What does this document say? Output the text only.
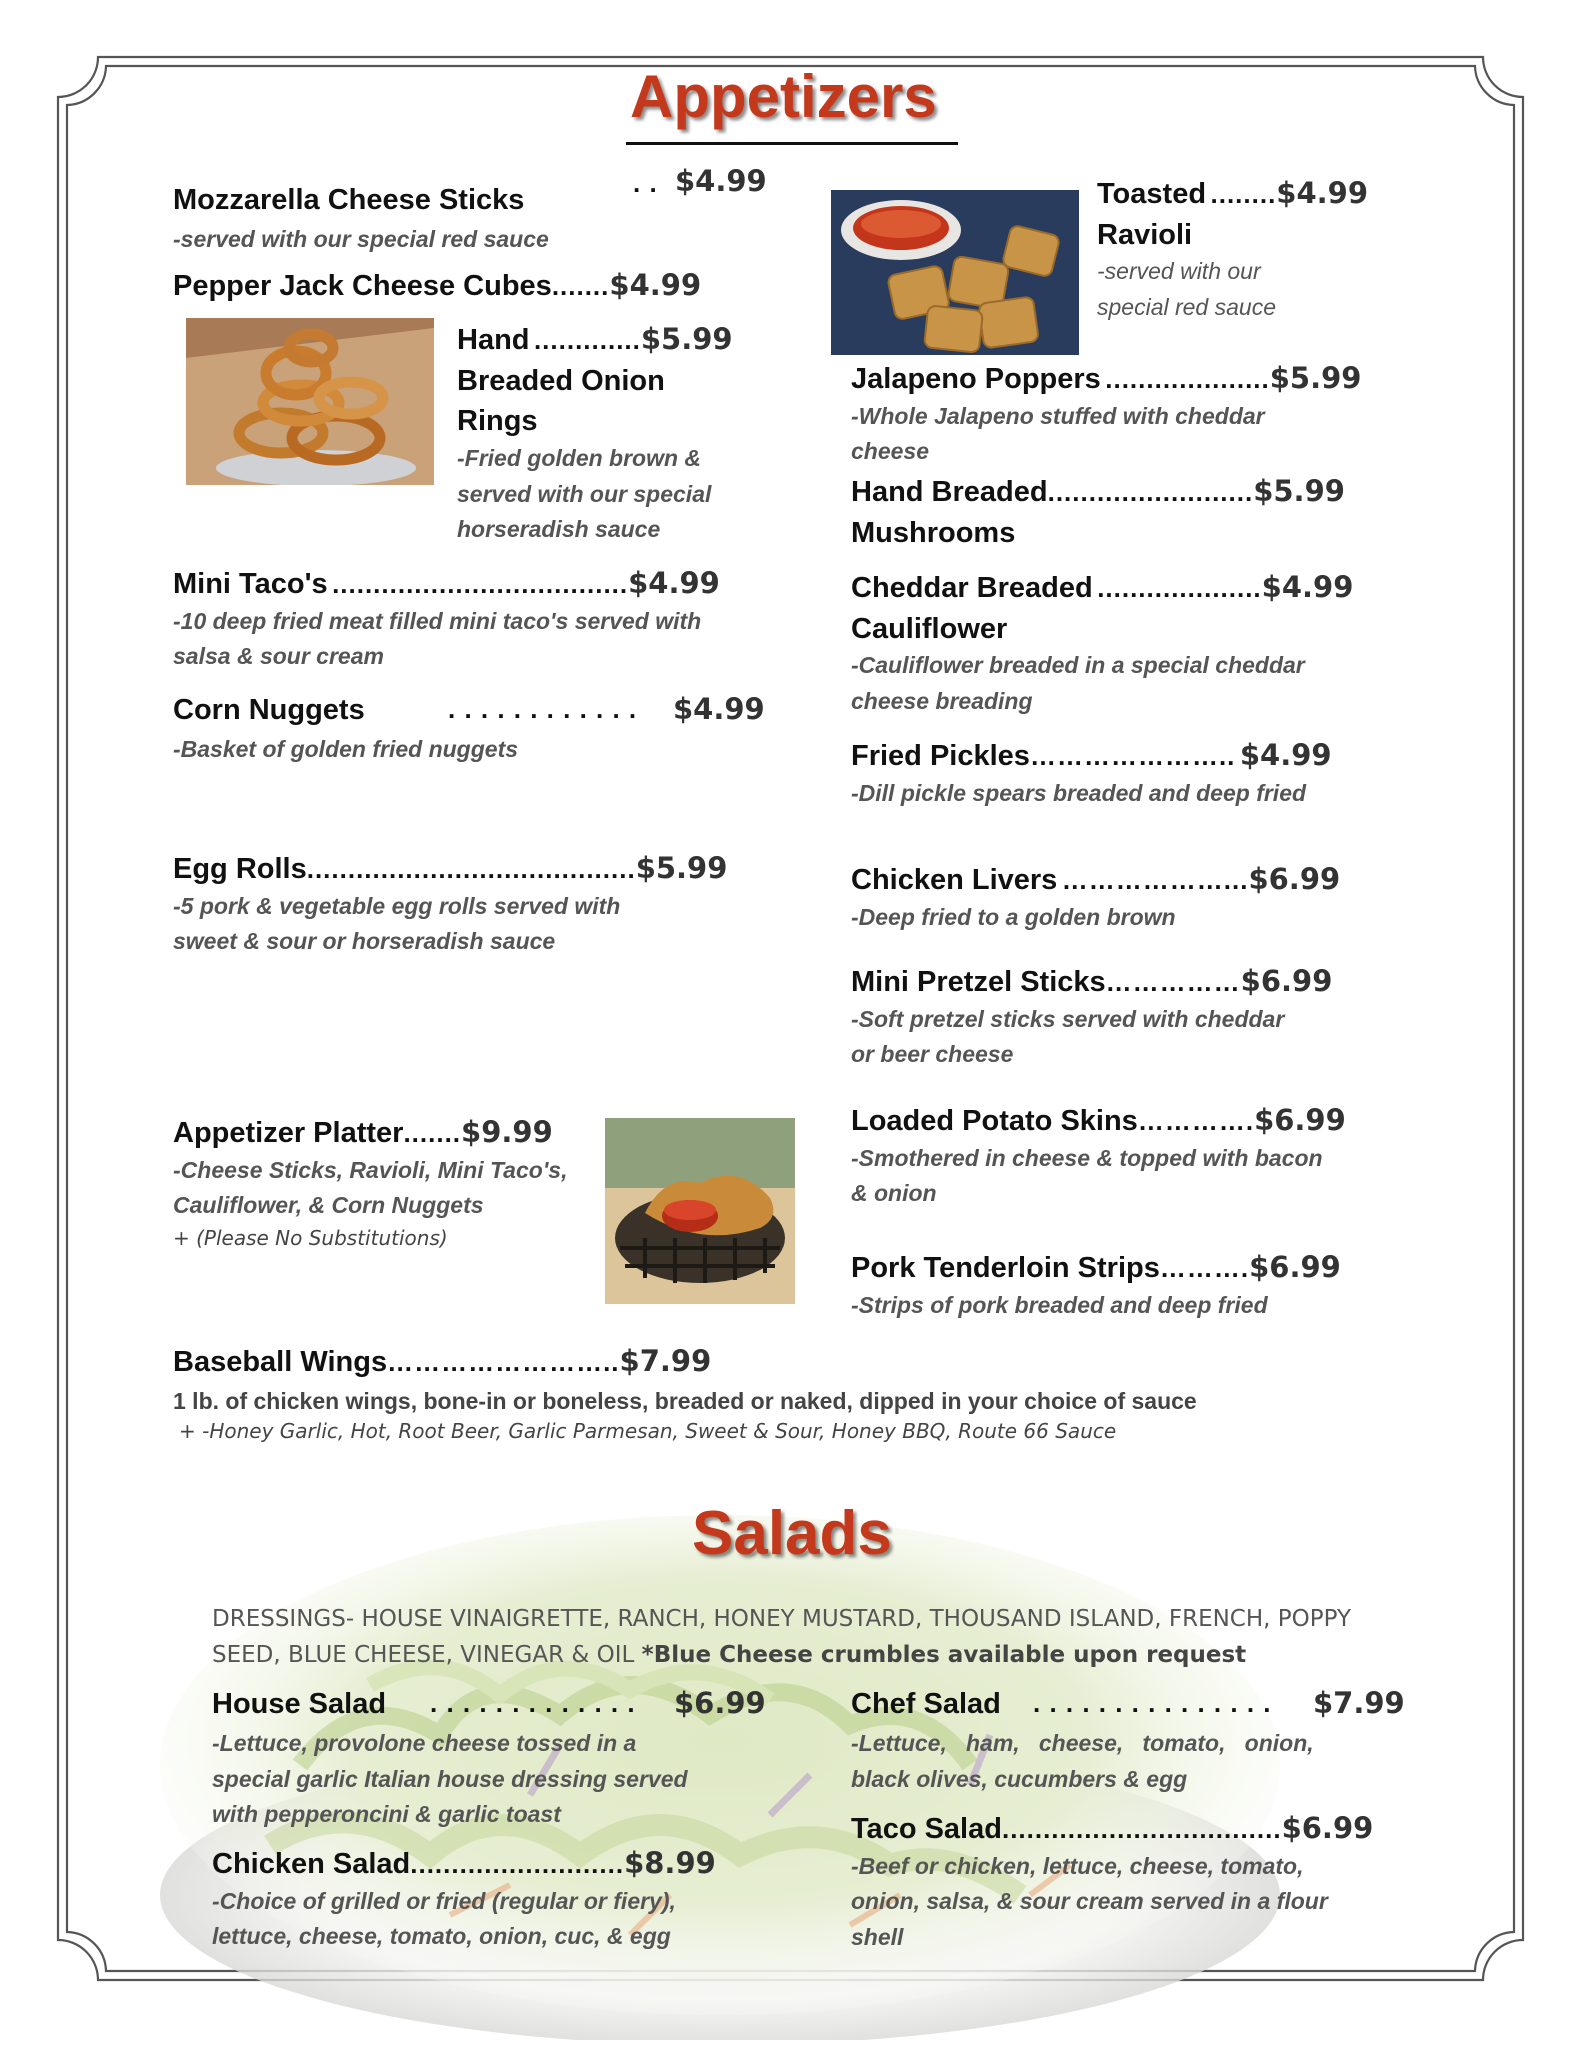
Appetizers
Mozzarella Cheese Sticks
. . $4.99
-served with our special red sauce
Pepper Jack Cheese Cubes.......$4.99
Hand .............$5.99
Breaded Onion
Rings
-Fried golden brown &
served with our special
horseradish sauce
Mini Taco's ....................................$4.99
-10 deep fried meat filled mini taco's served with
salsa & sour cream
Corn Nuggets	. . . . . . . . . . . . $4.99
-Basket of golden fried nuggets
Egg Rolls........................................$5.99
-5 pork & vegetable egg rolls served with
sweet & sour or horseradish sauce
Appetizer Platter.......$9.99
-Cheese Sticks, Ravioli, Mini Taco's,
Cauliflower, & Corn Nuggets
+ (Please No Substitutions)
Toasted ........$4.99
Ravioli
-served with our
special red sauce
Jalapeno Poppers ....................$5.99
-Whole Jalapeno stuffed with cheddar
cheese
Hand Breaded.........................$5.99
Mushrooms
Cheddar Breaded ....................$4.99
Cauliflower
-Cauliflower breaded in a special cheddar
cheese breading
Fried Pickles………………….. $4.99
-Dill pickle spears breaded and deep fried
Chicken Livers ………………...$6.99
-Deep fried to a golden brown
Mini Pretzel Sticks……………$6.99
-Soft pretzel sticks served with cheddar
or beer cheese
Loaded Potato Skins………….$6.99
-Smothered in cheese & topped with bacon
& onion
Pork Tenderloin Strips……….$6.99
-Strips of pork breaded and deep fried
Baseball Wings……………………..$7.99
1 lb. of chicken wings, bone-in or boneless, breaded or naked, dipped in your choice of sauce
+ -Honey Garlic, Hot, Root Beer, Garlic Parmesan, Sweet & Sour, Honey BBQ, Route 66 Sauce
Salads
DRESSINGS- HOUSE VINAIGRETTE, RANCH, HONEY MUSTARD, THOUSAND ISLAND, FRENCH, POPPY
SEED, BLUE CHEESE, VINEGAR & OIL *Blue Cheese crumbles available upon request
House Salad . . . . . . . . . . . . . $6.99
-Lettuce, provolone cheese tossed in a
special garlic Italian house dressing served
with pepperoncini & garlic toast
Chicken Salad..........................$8.99
-Choice of grilled or fried (regular or fiery),
lettuce, cheese, tomato, onion, cuc, & egg
Chef Salad . . . . . . . . . . . . . . . $7.99
-Lettuce,   ham,   cheese,   tomato,   onion,
black olives, cucumbers & egg
Taco Salad..................................$6.99
-Beef or chicken, lettuce, cheese, tomato,
onion, salsa, & sour cream served in a flour
shell
